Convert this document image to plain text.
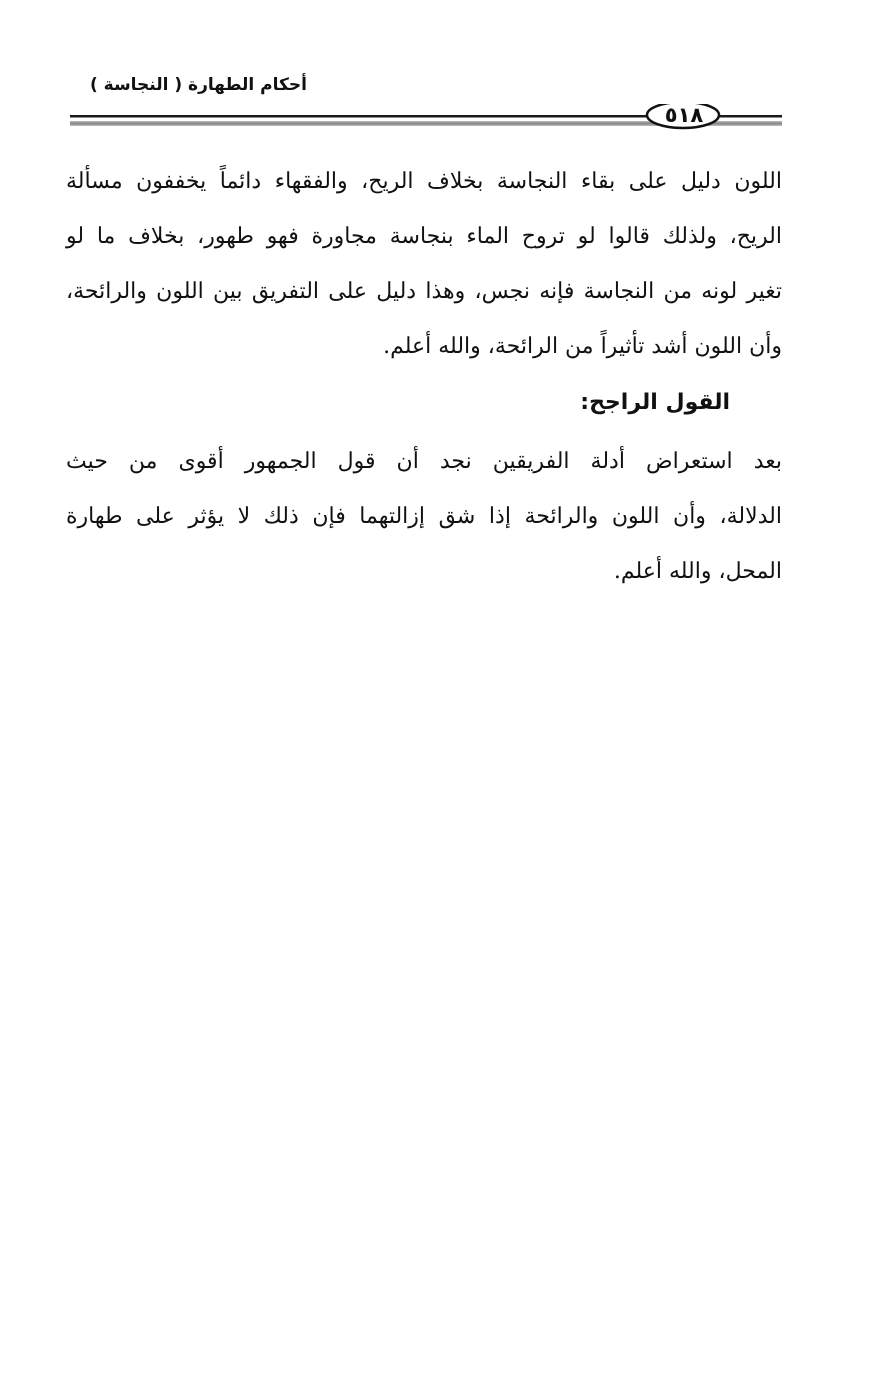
أحكام الطهارة ( النجاسة )
٥١٨
اللون دليل على بقاء النجاسة بخلاف الريح، والفقهاء دائماً يخففون مسألة
الريح، ولذلك قالوا لو تروح الماء بنجاسة مجاورة فهو طهور، بخلاف ما لو
تغير لونه من النجاسة فإنه نجس، وهذا دليل على التفريق بين اللون والرائحة،
وأن اللون أشد تأثيراً من الرائحة، والله أعلم.
القول الراجح:
بعد استعراض أدلة الفريقين نجد أن قول الجمهور أقوى من حيث
الدلالة، وأن اللون والرائحة إذا شق إزالتهما فإن ذلك لا يؤثر على طهارة
المحل، والله أعلم.
